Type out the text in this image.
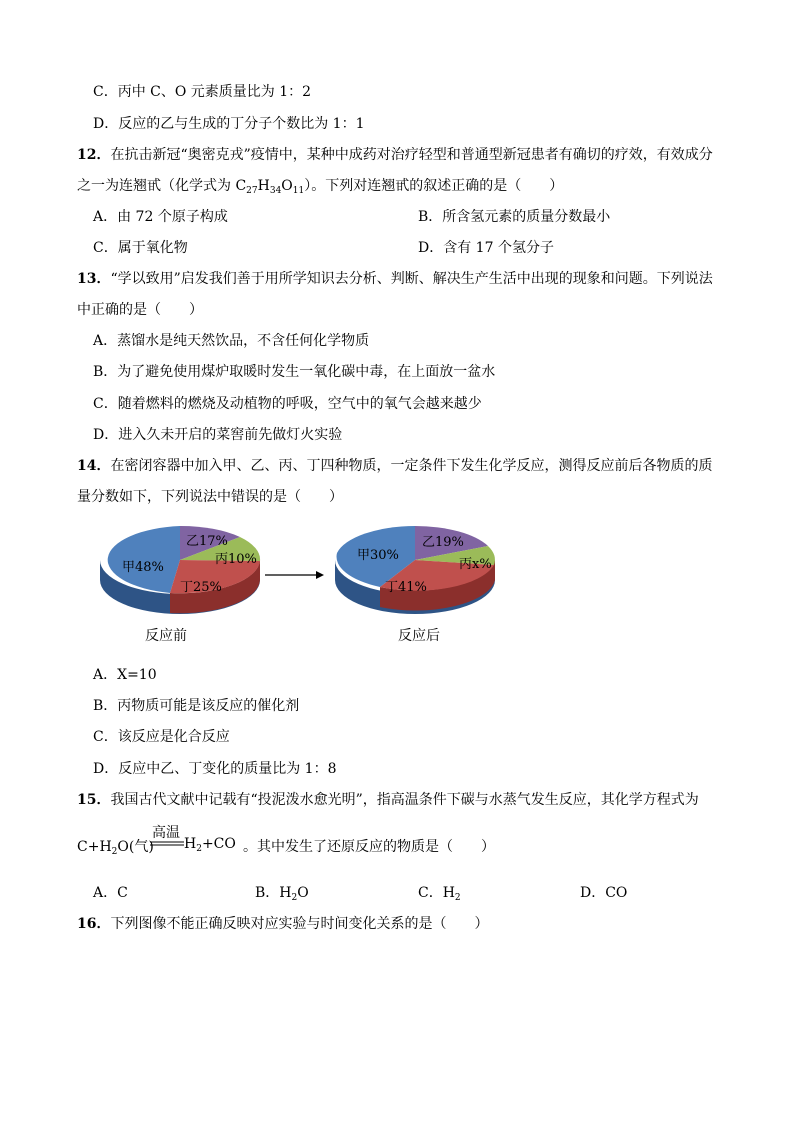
C．丙中 C、O 元素质量比为 1：2
D．反应的乙与生成的丁分子个数比为 1：1
12．在抗击新冠“奥密克戎”疫情中，某种中成药对治疗轻型和普通型新冠患者有确切的疗效，有效成分
之一为连翘甙（化学式为 $C_{27}H_{34}O_{11}$）。下列对连翘甙的叙述正确的是（　　）
A．由 72 个原子构成	B．所含氢元素的质量分数最小
C．属于氧化物	D．含有 17 个氢分子
13．“学以致用”启发我们善于用所学知识去分析、判断、解决生产生活中出现的现象和问题。下列说法
中正确的是（　　）
A．蒸馏水是纯天然饮品，不含任何化学物质
B．为了避免使用煤炉取暖时发生一氧化碳中毒，在上面放一盆水
C．随着燃料的燃烧及动植物的呼吸，空气中的氧气会越来越少
D．进入久未开启的菜窖前先做灯火实验
14．在密闭容器中加入甲、乙、丙、丁四种物质，一定条件下发生化学反应，测得反应前后各物质的质
量分数如下，下列说法中错误的是（　　）
甲48%
乙17%
丙10%
丁25%
甲30%
乙19%
丙x%
丁41%
反应前	反应后
A．X=10
B．丙物质可能是该反应的催化剂
C．该反应是化合反应
D．反应中乙、丁变化的质量比为 1：8
15．我国古代文献中记载有“投泥泼水愈光明”，指高温条件下碳与水蒸气发生反应，其化学方程式为
$C+H_2O$(气)
高温
$H_2+CO$ 。其中发生了还原反应的物质是（　　）
A．C	B．$H_2O$	C．$H_2$	D．CO
16．下列图像不能正确反映对应实验与时间变化关系的是（　　）
